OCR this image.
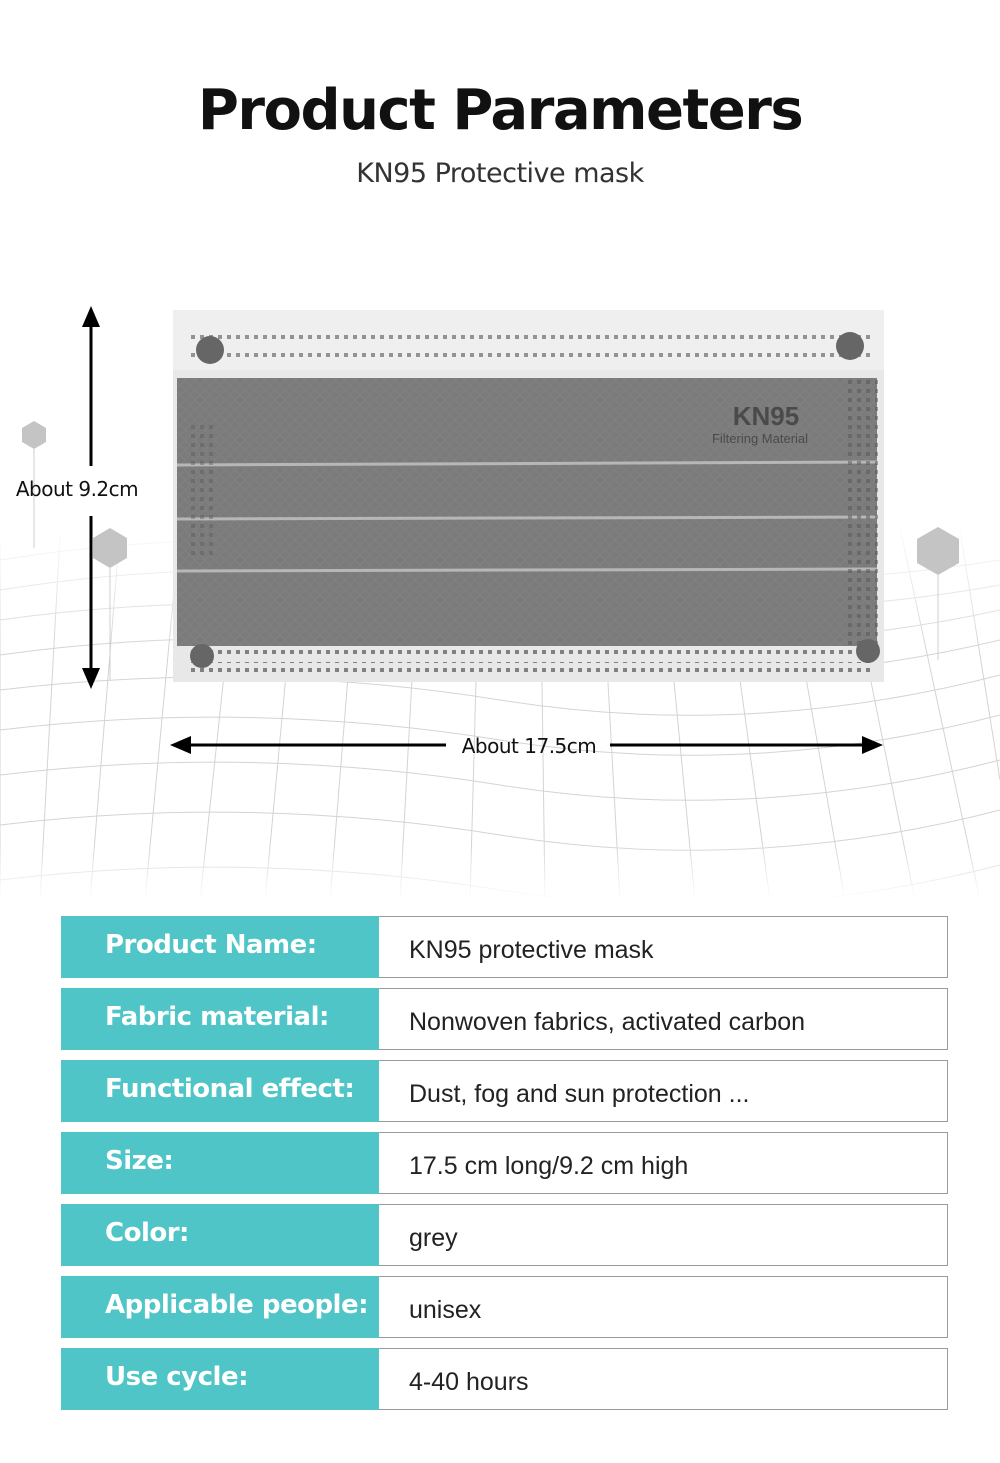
Product Parameters
KN95 Protective mask
KN95
Filtering Material
About 9.2cm
About 17.5cm
Product Name:	KN95 protective mask
Fabric material:	Nonwoven fabrics, activated carbon
Functional effect:	Dust, fog and sun protection ...
Size:	17.5 cm long/9.2 cm high
Color:	grey
Applicable people:	unisex
Use cycle:	4-40 hours
